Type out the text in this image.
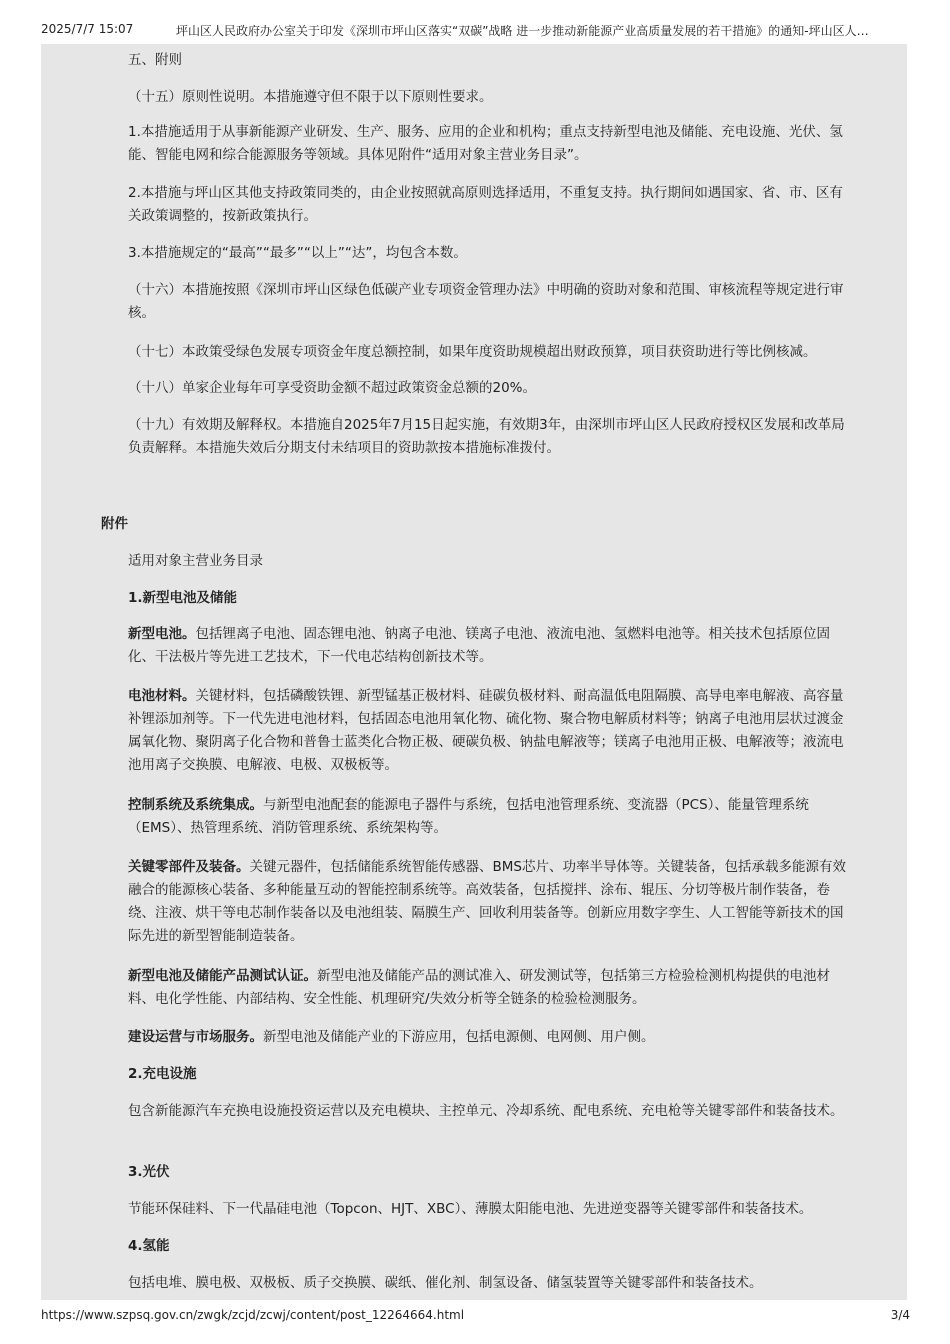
2025/7/7 15:07	坪山区人民政府办公室关于印发《深圳市坪山区落实“双碳”战略 进一步推动新能源产业高质量发展的若干措施》的通知-坪山区人…

五、附则

（十五）原则性说明。本措施遵守但不限于以下原则性要求。

1.本措施适用于从事新能源产业研发、生产、服务、应用的企业和机构；重点支持新型电池及储能、充电设施、光伏、氢能、智能电网和综合能源服务等领域。具体见附件“适用对象主营业务目录”。

2.本措施与坪山区其他支持政策同类的，由企业按照就高原则选择适用，不重复支持。执行期间如遇国家、省、市、区有关政策调整的，按新政策执行。

3.本措施规定的“最高”“最多”“以上”“达”，均包含本数。

（十六）本措施按照《深圳市坪山区绿色低碳产业专项资金管理办法》中明确的资助对象和范围、审核流程等规定进行审核。

（十七）本政策受绿色发展专项资金年度总额控制，如果年度资助规模超出财政预算，项目获资助进行等比例核减。

（十八）单家企业每年可享受资助金额不超过政策资金总额的20%。

（十九）有效期及解释权。本措施自2025年7月15日起实施，有效期3年，由深圳市坪山区人民政府授权区发展和改革局负责解释。本措施失效后分期支付未结项目的资助款按本措施标准拨付。

附件

适用对象主营业务目录

1.新型电池及储能

新型电池。包括锂离子电池、固态锂电池、钠离子电池、镁离子电池、液流电池、氢燃料电池等。相关技术包括原位固化、干法极片等先进工艺技术，下一代电芯结构创新技术等。

电池材料。关键材料，包括磷酸铁锂、新型锰基正极材料、硅碳负极材料、耐高温低电阻隔膜、高导电率电解液、高容量补锂添加剂等。下一代先进电池材料，包括固态电池用氧化物、硫化物、聚合物电解质材料等；钠离子电池用层状过渡金属氧化物、聚阴离子化合物和普鲁士蓝类化合物正极、硬碳负极、钠盐电解液等；镁离子电池用正极、电解液等；液流电池用离子交换膜、电解液、电极、双极板等。

控制系统及系统集成。与新型电池配套的能源电子器件与系统，包括电池管理系统、变流器（PCS）、能量管理系统（EMS）、热管理系统、消防管理系统、系统架构等。

关键零部件及装备。关键元器件，包括储能系统智能传感器、BMS芯片、功率半导体等。关键装备，包括承载多能源有效融合的能源核心装备、多种能量互动的智能控制系统等。高效装备，包括搅拌、涂布、辊压、分切等极片制作装备，卷绕、注液、烘干等电芯制作装备以及电池组装、隔膜生产、回收利用装备等。创新应用数字孪生、人工智能等新技术的国际先进的新型智能制造装备。

新型电池及储能产品测试认证。新型电池及储能产品的测试准入、研发测试等，包括第三方检验检测机构提供的电池材料、电化学性能、内部结构、安全性能、机理研究/失效分析等全链条的检验检测服务。

建设运营与市场服务。新型电池及储能产业的下游应用，包括电源侧、电网侧、用户侧。

2.充电设施

包含新能源汽车充换电设施投资运营以及充电模块、主控单元、冷却系统、配电系统、充电枪等关键零部件和装备技术。

3.光伏

节能环保硅料、下一代晶硅电池（Topcon、HJT、XBC）、薄膜太阳能电池、先进逆变器等关键零部件和装备技术。

4.氢能

包括电堆、膜电极、双极板、质子交换膜、碳纸、催化剂、制氢设备、储氢装置等关键零部件和装备技术。

https://www.szpsq.gov.cn/zwgk/zcjd/zcwj/content/post_12264664.html	3/4
